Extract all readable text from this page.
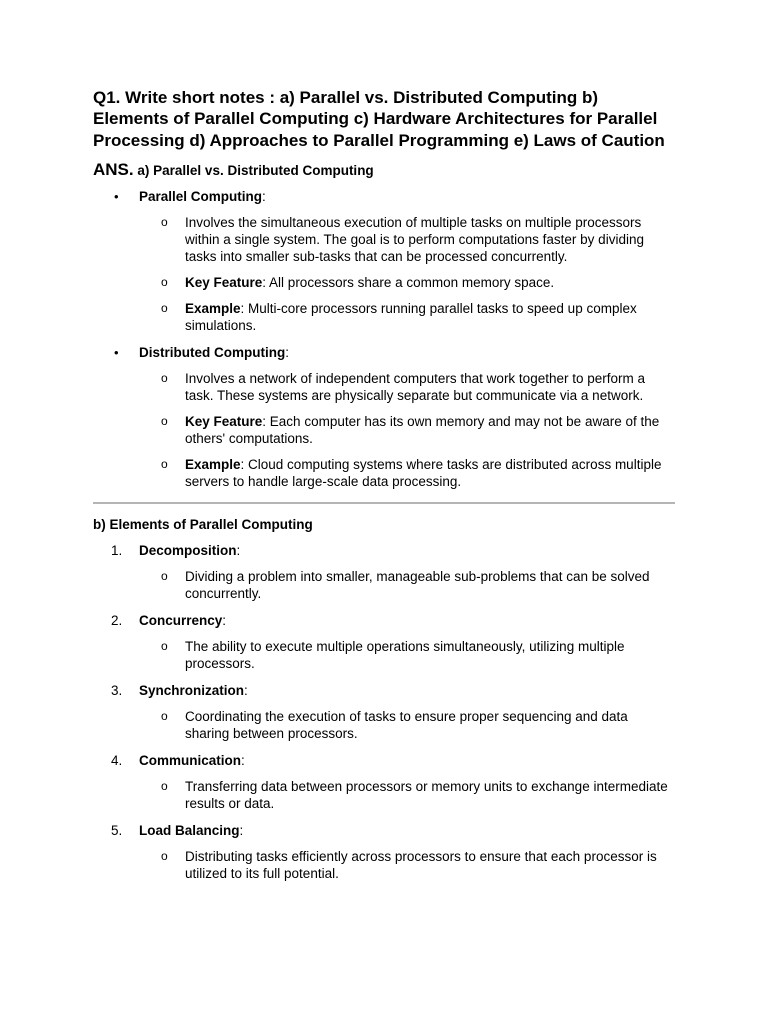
Q1. Write short notes : a) Parallel vs. Distributed Computing b) Elements of Parallel Computing c) Hardware Architectures for Parallel Processing d) Approaches to Parallel Programming e) Laws of Caution
ANS. a) Parallel vs. Distributed Computing
• Parallel Computing:
o Involves the simultaneous execution of multiple tasks on multiple processors within a single system. The goal is to perform computations faster by dividing tasks into smaller sub-tasks that can be processed concurrently.
o Key Feature: All processors share a common memory space.
o Example: Multi-core processors running parallel tasks to speed up complex simulations.
• Distributed Computing:
o Involves a network of independent computers that work together to perform a task. These systems are physically separate but communicate via a network.
o Key Feature: Each computer has its own memory and may not be aware of the others' computations.
o Example: Cloud computing systems where tasks are distributed across multiple servers to handle large-scale data processing.
b) Elements of Parallel Computing
1. Decomposition:
o Dividing a problem into smaller, manageable sub-problems that can be solved concurrently.
2. Concurrency:
o The ability to execute multiple operations simultaneously, utilizing multiple processors.
3. Synchronization:
o Coordinating the execution of tasks to ensure proper sequencing and data sharing between processors.
4. Communication:
o Transferring data between processors or memory units to exchange intermediate results or data.
5. Load Balancing:
o Distributing tasks efficiently across processors to ensure that each processor is utilized to its full potential.
